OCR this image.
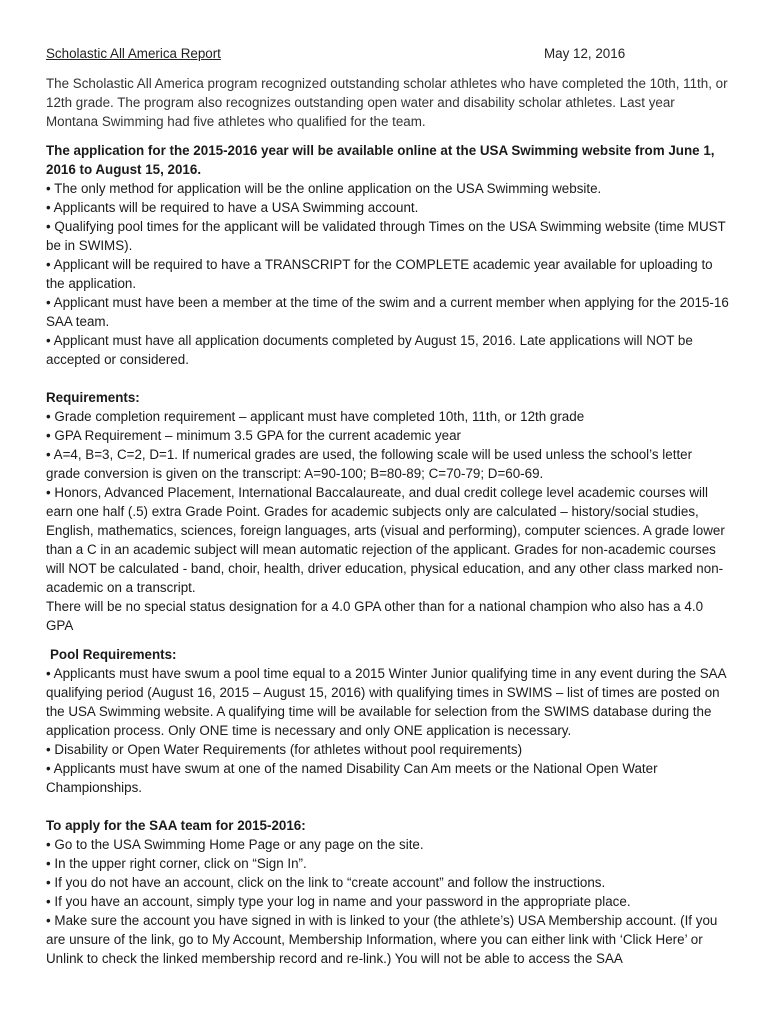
Scholastic All America Report	May 12, 2016

The Scholastic All America program recognized outstanding scholar athletes who have completed the 10th, 11th, or 12th grade. The program also recognizes outstanding open water and disability scholar athletes. Last year Montana Swimming had five athletes who qualified for the team.

The application for the 2015-2016 year will be available online at the USA Swimming website from June 1, 2016 to August 15, 2016.

• The only method for application will be the online application on the USA Swimming website.

• Applicants will be required to have a USA Swimming account.

• Qualifying pool times for the applicant will be validated through Times on the USA Swimming website (time MUST be in SWIMS).

• Applicant will be required to have a TRANSCRIPT for the COMPLETE academic year available for uploading to the application.

• Applicant must have been a member at the time of the swim and a current member when applying for the 2015-16 SAA team.

• Applicant must have all application documents completed by August 15, 2016. Late applications will NOT be accepted or considered.

Requirements:

• Grade completion requirement – applicant must have completed 10th, 11th, or 12th grade

• GPA Requirement – minimum 3.5 GPA for the current academic year

• A=4, B=3, C=2, D=1. If numerical grades are used, the following scale will be used unless the school’s letter grade conversion is given on the transcript: A=90-100; B=80-89; C=70-79; D=60-69.

• Honors, Advanced Placement, International Baccalaureate, and dual credit college level academic courses will earn one half (.5) extra Grade Point. Grades for academic subjects only are calculated – history/social studies, English, mathematics, sciences, foreign languages, arts (visual and performing), computer sciences. A grade lower than a C in an academic subject will mean automatic rejection of the applicant. Grades for non-academic courses will NOT be calculated - band, choir, health, driver education, physical education, and any other class marked non-academic on a transcript.

There will be no special status designation for a 4.0 GPA other than for a national champion who also has a 4.0 GPA

Pool Requirements:

• Applicants must have swum a pool time equal to a 2015 Winter Junior qualifying time in any event during the SAA qualifying period (August 16, 2015 – August 15, 2016) with qualifying times in SWIMS – list of times are posted on the USA Swimming website. A qualifying time will be available for selection from the SWIMS database during the application process. Only ONE time is necessary and only ONE application is necessary.

• Disability or Open Water Requirements (for athletes without pool requirements)

• Applicants must have swum at one of the named Disability Can Am meets or the National Open Water Championships.

To apply for the SAA team for 2015-2016:

• Go to the USA Swimming Home Page or any page on the site.

• In the upper right corner, click on “Sign In”.

• If you do not have an account, click on the link to “create account” and follow the instructions.

• If you have an account, simply type your log in name and your password in the appropriate place.

• Make sure the account you have signed in with is linked to your (the athlete’s) USA Membership account. (If you are unsure of the link, go to My Account, Membership Information, where you can either link with ‘Click Here’ or Unlink to check the linked membership record and re-link.) You will not be able to access the SAA
